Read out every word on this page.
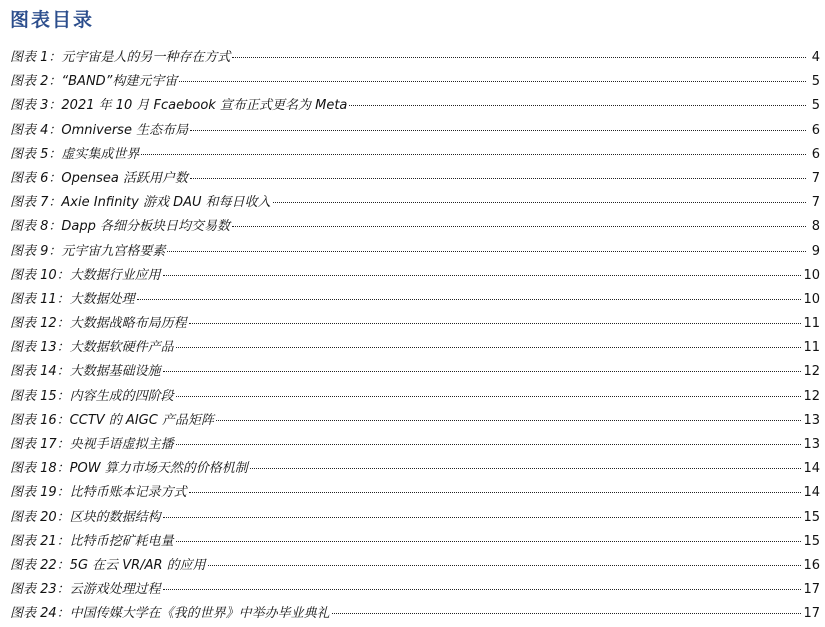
图表目录
图表 1：元宇宙是人的另一种存在方式	4
图表 2：“BAND”构建元宇宙	5
图表 3：2021 年 10 月 Fcaebook 宣布正式更名为 Meta	5
图表 4：Omniverse 生态布局	6
图表 5：虚实集成世界	6
图表 6：Opensea 活跃用户数	7
图表 7：Axie Infinity 游戏 DAU 和每日收入	7
图表 8：Dapp 各细分板块日均交易数	8
图表 9：元宇宙九宫格要素	9
图表 10：大数据行业应用	10
图表 11：大数据处理	10
图表 12：大数据战略布局历程	11
图表 13：大数据软硬件产品	11
图表 14：大数据基础设施	12
图表 15：内容生成的四阶段	12
图表 16：CCTV 的 AIGC 产品矩阵	13
图表 17：央视手语虚拟主播	13
图表 18：POW 算力市场天然的价格机制	14
图表 19：比特币账本记录方式	14
图表 20：区块的数据结构	15
图表 21：比特币挖矿耗电量	15
图表 22：5G 在云 VR/AR 的应用	16
图表 23：云游戏处理过程	17
图表 24：中国传媒大学在《我的世界》中举办毕业典礼	17
